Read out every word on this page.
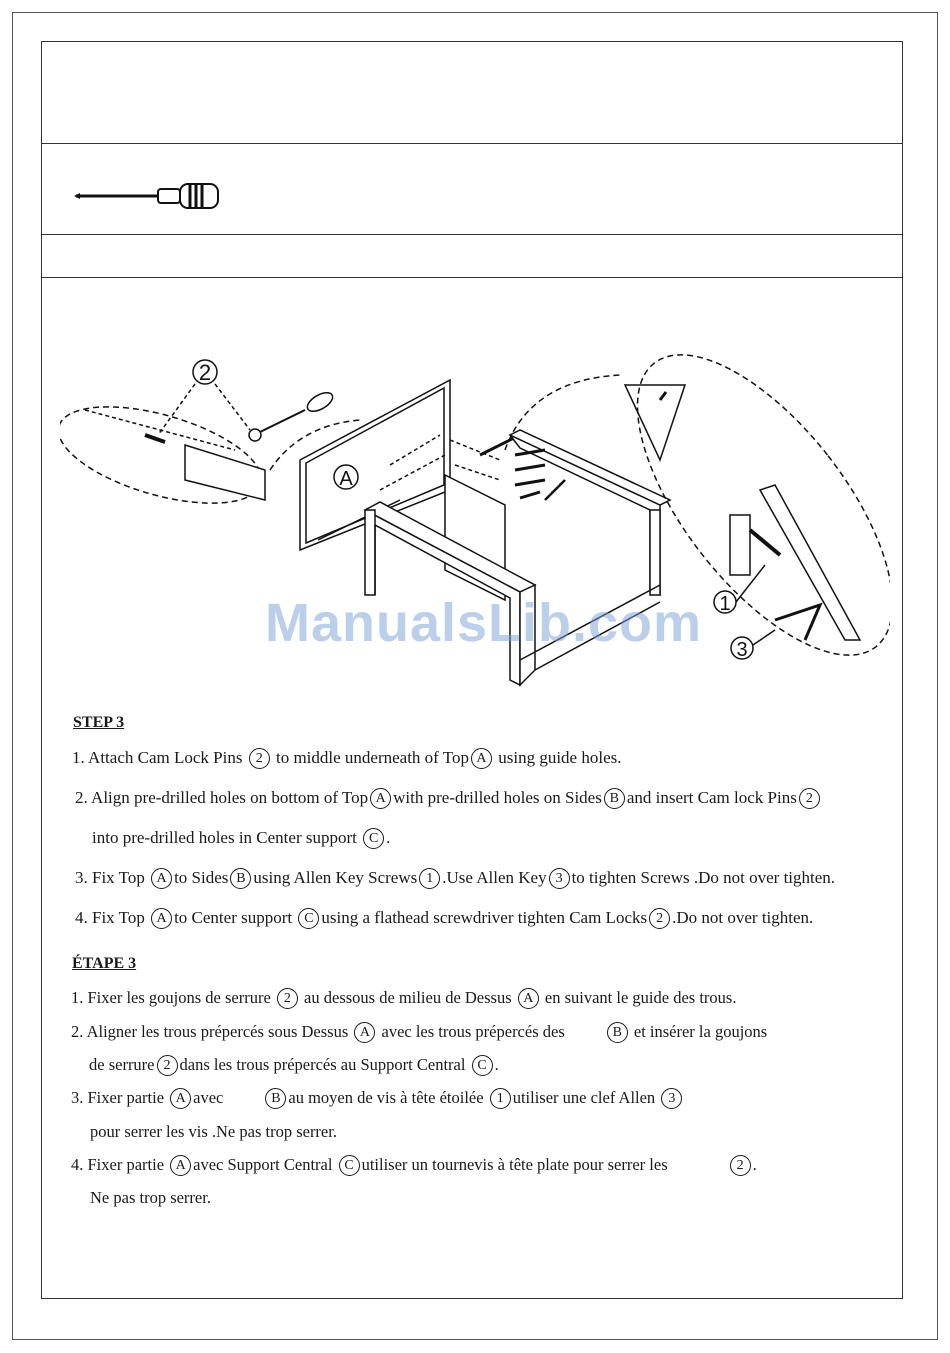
2
A
1
3
ManualsLib.com
STEP 3
1. Attach Cam Lock Pins 2 to middle underneath of Top A using guide holes.
2. Align pre-drilled holes on bottom of Top A with pre-drilled holes on Sides B and insert Cam lock Pins 2
into pre-drilled holes in Center support C .
3. Fix Top A to Sides B using Allen Key Screws 1 .Use Allen Key 3 to tighten Screws .Do not over tighten.
4. Fix Top A to Center support C using a flathead screwdriver tighten Cam Locks 2 .Do not over tighten.
ÉTAPE 3
1. Fixer les goujons de serrure 2 au dessous de milieu de Dessus A en suivant le guide des trous.
2. Aligner les trous prépercés sous Dessus A avec les trous prépercés des	B et insérer la goujons
de serrure 2 dans les trous prépercés au Support Central C .
3. Fixer partie A avec	B au moyen de vis à tête étoilée 1 utiliser une clef Allen 3
pour serrer les vis .Ne pas trop serrer.
4. Fixer partie A avec Support Central C utiliser un tournevis à tête plate pour serrer les	2 .
Ne pas trop serrer.
